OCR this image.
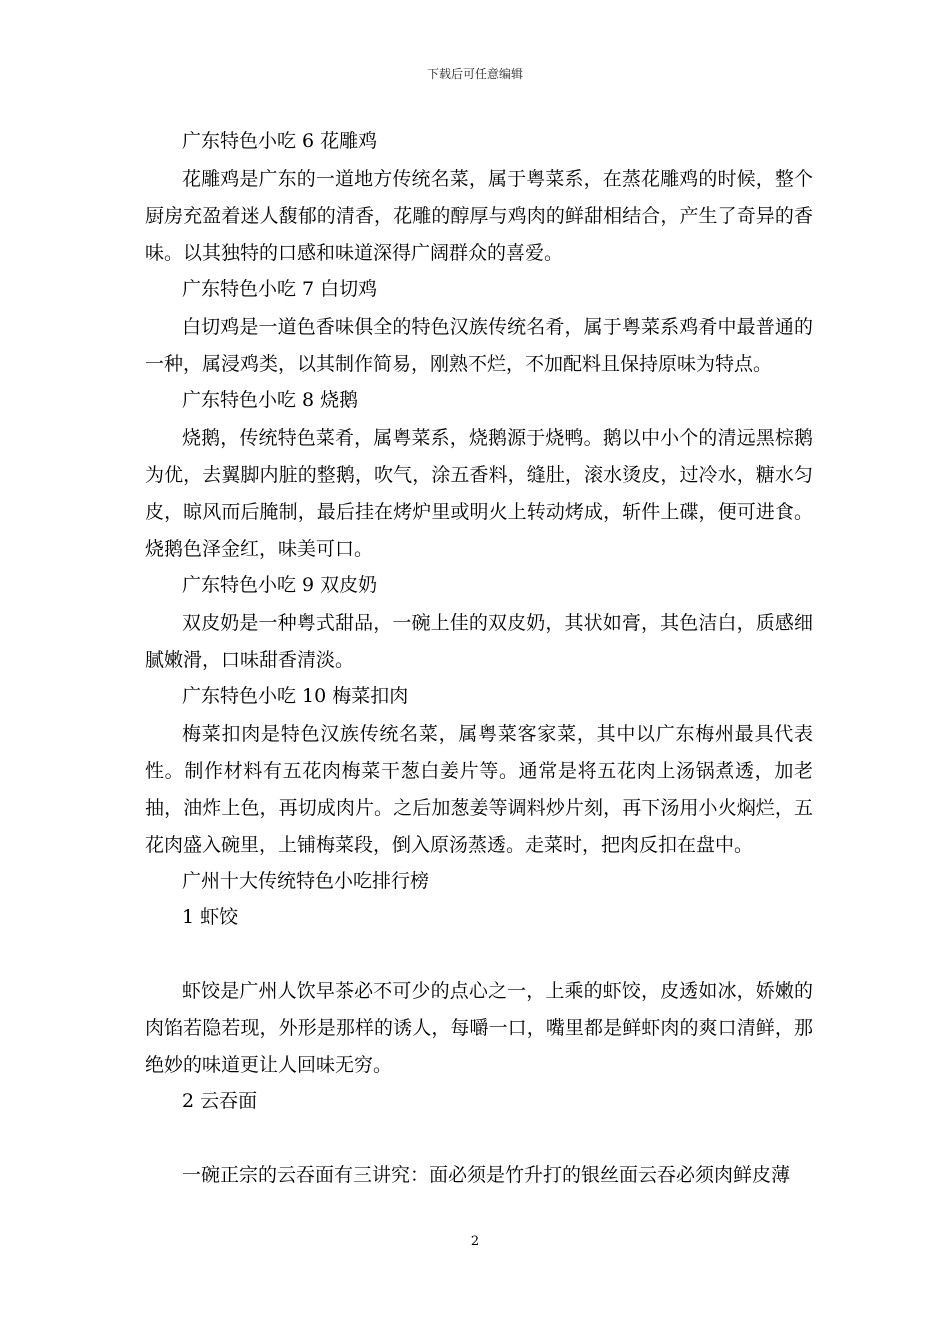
下载后可任意编辑

广东特色小吃 6 花雕鸡

花雕鸡是广东的一道地方传统名菜，属于粤菜系，在蒸花雕鸡的时候，整个厨房充盈着迷人馥郁的清香，花雕的醇厚与鸡肉的鲜甜相结合，产生了奇异的香味。以其独特的口感和味道深得广阔群众的喜爱。

广东特色小吃 7 白切鸡

白切鸡是一道色香味俱全的特色汉族传统名肴，属于粤菜系鸡肴中最普通的一种，属浸鸡类，以其制作简易，刚熟不烂，不加配料且保持原味为特点。

广东特色小吃 8 烧鹅

烧鹅，传统特色菜肴，属粤菜系，烧鹅源于烧鸭。鹅以中小个的清远黑棕鹅为优，去翼脚内脏的整鹅，吹气，涂五香料，缝肚，滚水烫皮，过冷水，糖水匀皮，晾风而后腌制，最后挂在烤炉里或明火上转动烤成，斩件上碟，便可进食。烧鹅色泽金红，味美可口。

广东特色小吃 9 双皮奶

双皮奶是一种粤式甜品，一碗上佳的双皮奶，其状如膏，其色洁白，质感细腻嫩滑，口味甜香清淡。

广东特色小吃 10 梅菜扣肉

梅菜扣肉是特色汉族传统名菜，属粤菜客家菜，其中以广东梅州最具代表性。制作材料有五花肉梅菜干葱白姜片等。通常是将五花肉上汤锅煮透，加老抽，油炸上色，再切成肉片。之后加葱姜等调料炒片刻，再下汤用小火焖烂，五花肉盛入碗里，上铺梅菜段，倒入原汤蒸透。走菜时，把肉反扣在盘中。

广州十大传统特色小吃排行榜

1 虾饺

虾饺是广州人饮早茶必不可少的点心之一，上乘的虾饺，皮透如冰，娇嫩的肉馅若隐若现，外形是那样的诱人，每嚼一口，嘴里都是鲜虾肉的爽口清鲜，那绝妙的味道更让人回味无穷。

2 云吞面

一碗正宗的云吞面有三讲究：面必须是竹升打的银丝面云吞必须肉鲜皮薄

2
